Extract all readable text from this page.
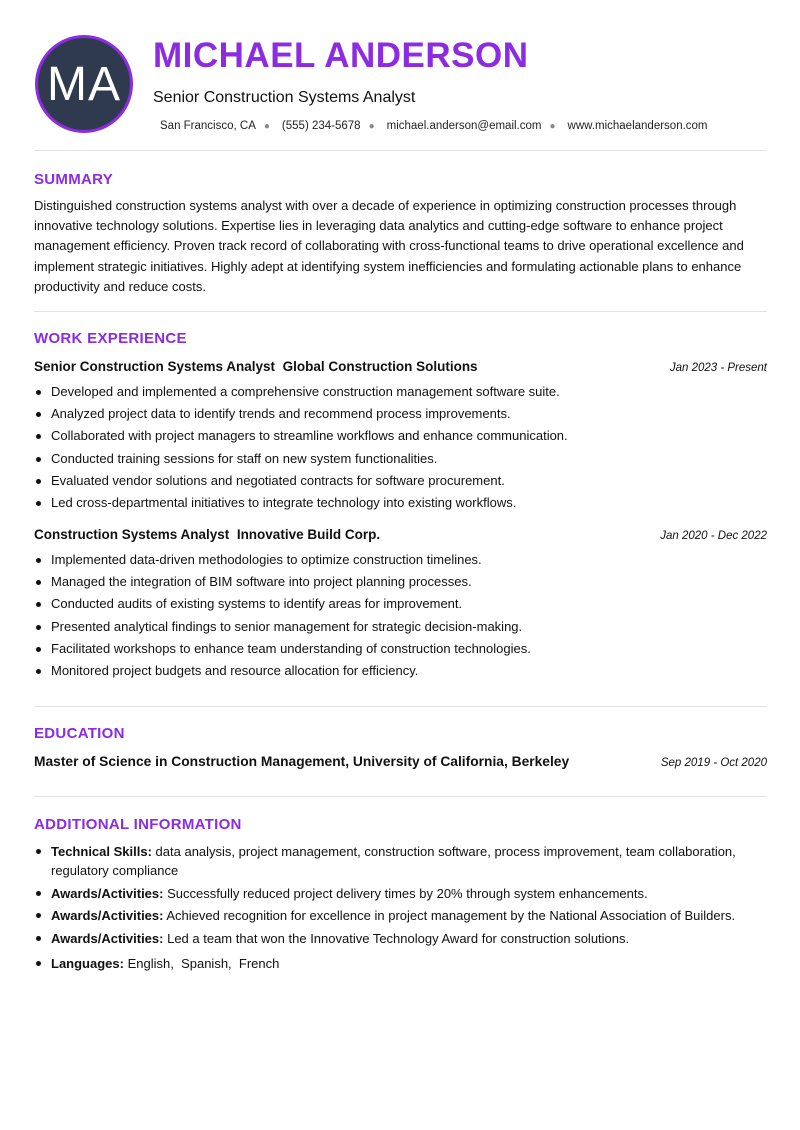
MA
MICHAEL ANDERSON
Senior Construction Systems Analyst
San Francisco, CA ● (555) 234-5678 ● michael.anderson@email.com ● www.michaelanderson.com
SUMMARY

Distinguished construction systems analyst with over a decade of experience in optimizing construction processes through innovative technology solutions. Expertise lies in leveraging data analytics and cutting-edge software to enhance project management efficiency. Proven track record of collaborating with cross-functional teams to drive operational excellence and implement strategic initiatives. Highly adept at identifying system inefficiencies and formulating actionable plans to enhance productivity and reduce costs.

WORK EXPERIENCE
Senior Construction Systems Analyst Global Construction Solutions	Jan 2023 - Present
Developed and implemented a comprehensive construction management software suite.
Analyzed project data to identify trends and recommend process improvements.
Collaborated with project managers to streamline workflows and enhance communication.
Conducted training sessions for staff on new system functionalities.
Evaluated vendor solutions and negotiated contracts for software procurement.
Led cross-departmental initiatives to integrate technology into existing workflows.
Construction Systems Analyst Innovative Build Corp.	Jan 2020 - Dec 2022
Implemented data-driven methodologies to optimize construction timelines.
Managed the integration of BIM software into project planning processes.
Conducted audits of existing systems to identify areas for improvement.
Presented analytical findings to senior management for strategic decision-making.
Facilitated workshops to enhance team understanding of construction technologies.
Monitored project budgets and resource allocation for efficiency.
EDUCATION
Master of Science in Construction Management, University of California, Berkeley	Sep 2019 - Oct 2020
ADDITIONAL INFORMATION
Technical Skills: data analysis, project management, construction software, process improvement, team collaboration, regulatory compliance
Awards/Activities: Successfully reduced project delivery times by 20% through system enhancements.
Awards/Activities: Achieved recognition for excellence in project management by the National Association of Builders.
Awards/Activities: Led a team that won the Innovative Technology Award for construction solutions.
Languages: English,  Spanish,  French
